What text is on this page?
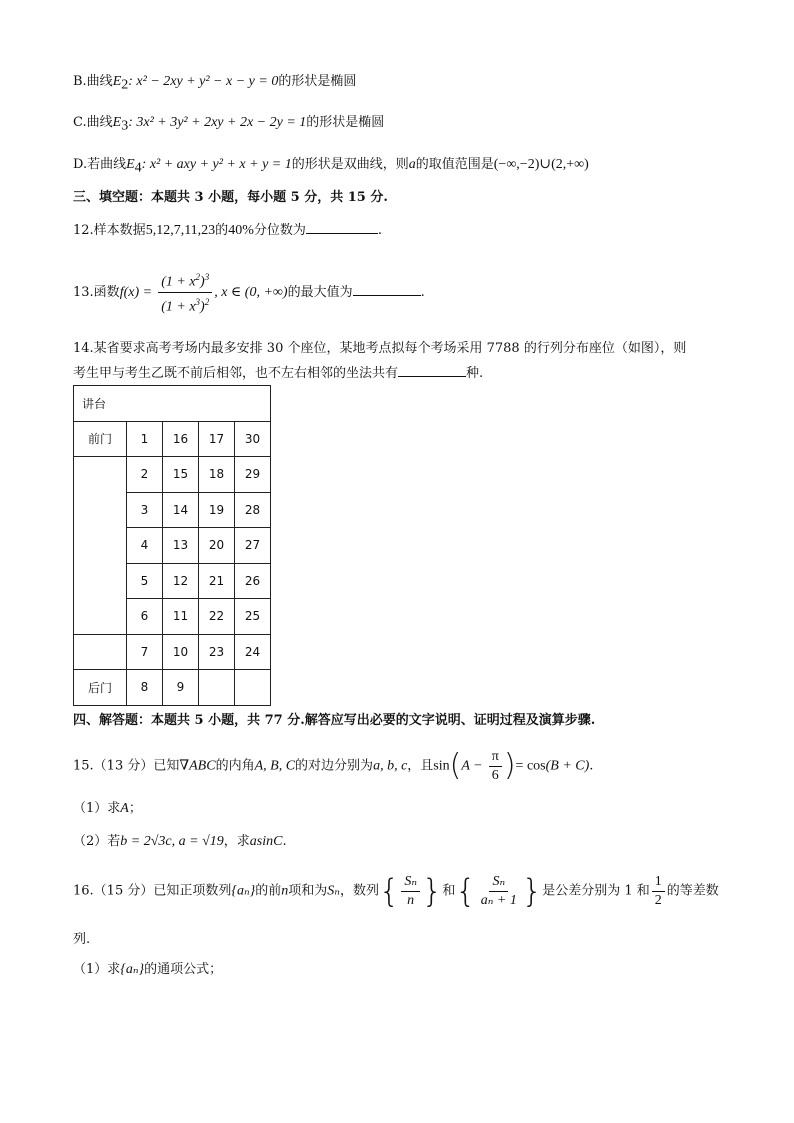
B.曲线$E_2$: x² − 2xy + y² − x − y = 0的形状是椭圆
C.曲线$E_3$: 3x² + 3y² + 2xy + 2x − 2y = 1的形状是椭圆
D.若曲线$E_4$: x² + axy + y² + x + y = 1的形状是双曲线，则a的取值范围是(−∞,−2)∪(2,+∞)
三、填空题：本题共 3 小题，每小题 5 分，共 15 分.
12.样本数据5,12,7,11,23的40%分位数为	.
13.函数$f(x) = \frac{(1 + x^2)^3}{(1 + x^3)^2}$ , x ∈ (0, +∞)的最大值为	.
14.某省要求高考考场内最多安排 30 个座位，某地考点拟每个考场采用 7788 的行列分布座位（如图），则
考生甲与考生乙既不前后相邻，也不左右相邻的坐法共有	种.
讲台				
前门	1	16	17	30
	2	15	18	29
	3	14	19	28
	4	13	20	27
	5	12	21	26
	6	11	22	25
	7	10	23	24
后门	8	9		
四、解答题：本题共 5 小题，共 77 分.解答应写出必要的文字说明、证明过程及演算步骤.
15.（13 分）已知∇ABC的内角A, B, C的对边分别为a, b, c，且$\sin(A - \frac{\pi}{6}$ )= cos(B + C).
（1）求A；
（2）若b = 2√3c, a = √19，求asinC.
16.（15 分）已知正项数列{aₙ}的前n项和为Sₙ，数列{ $\frac{\text{Sₙ}}{n}$ }和{ $\frac{\text{Sₙ}}{\text{aₙ + 1}}$ }是公差分别为 1 和 $\frac{1}{2}$ 的等差数
列.
（1）求{aₙ}的通项公式；
